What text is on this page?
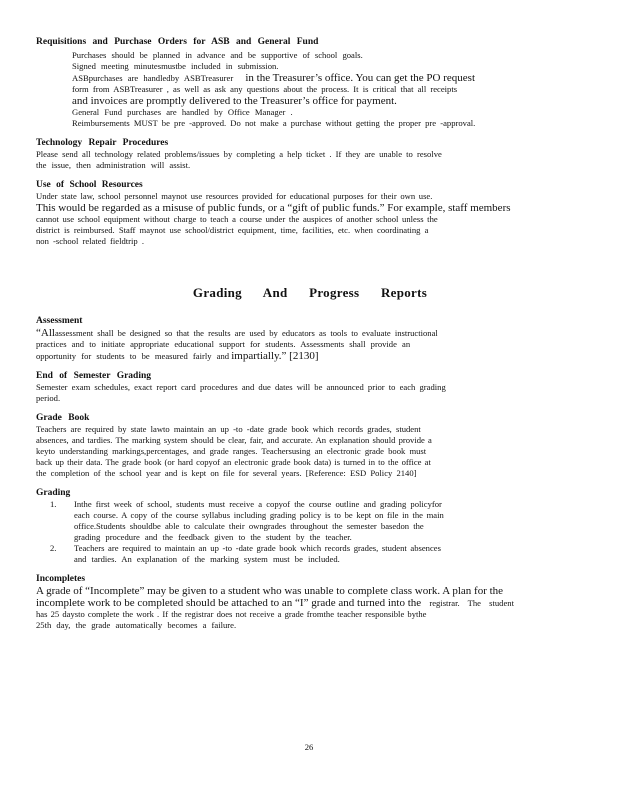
Requisitions and Purchase Orders for ASB and General Fund

Purchases should be planned in advance and be supportive of school goals.
Signed meeting minutesmustbe included in submission.
ASBpurchases are handledby ASBTreasurer in the Treasurer’s office. You can get the PO request
form from ASBTreasurer , as well as ask any questions about the process. It is critical that all receipts
and invoices are promptly delivered to the Treasurer’s office for payment.
General Fund purchases are handled by Office Manager .
Reimbursements MUST be pre -approved. Do not make a purchase without getting the proper pre -approval.

Technology Repair Procedures

Please send all technology related problems/issues by completing a help ticket . If they are unable to resolve

the issue, then administration will assist.

Use of School Resources

Under state law, school personnel maynot use resources provided for educational purposes for their own use.

This would be regarded as a misuse of public funds, or a “gift of public funds.” For example, staff members

cannot use school equipment without charge to teach a course under the auspices of another school unless the

district is reimbursed. Staff maynot use school/district equipment, time, facilities, etc. when coordinating a

non -school related fieldtrip .

Grading And Progress Reports

Assessment

“Allassessment shall be designed so that the results are used by educators as tools to evaluate instructional

practices and to initiate appropriate educational support for students. Assessments shall provide an

opportunity for students to be measured fairly and impartially.” [2130]

End of Semester Grading

Semester exam schedules, exact report card procedures and due dates will be announced prior to each grading

period.

Grade Book

Teachers are required by state lawto maintain an up -to -date grade book which records grades, student

absences, and tardies. The marking system should be clear, fair, and accurate. An explanation should provide a

keyto understanding markings,percentages, and grade ranges. Teachersusing an electronic grade book must

back up their data. The grade book (or hard copyof an electronic grade book data) is turned in to the office at

the completion of the school year and is kept on file for several years. [Reference: ESD Policy 2140]

Grading

1.	Inthe first week of school, students must receive a copyof the course outline and grading policyfor
each course. A copy of the course syllabus including grading policy is to be kept on file in the main
office.Students shouldbe able to calculate their owngrades throughout the semester basedon the
grading procedure and the feedback given to the student by the teacher.
2.	Teachers are required to maintain an up -to -date grade book which records grades, student absences
and tardies. An explanation of the marking system must be included.

Incompletes

A grade of “Incomplete” may be given to a student who was unable to complete class work. A plan for the

incomplete work to be completed should be attached to an “I” grade and turned into the registrar. The student

has 25 daysto complete the work . If the registrar does not receive a grade fromthe teacher responsible bythe

25th day, the grade automatically becomes a failure.

26
